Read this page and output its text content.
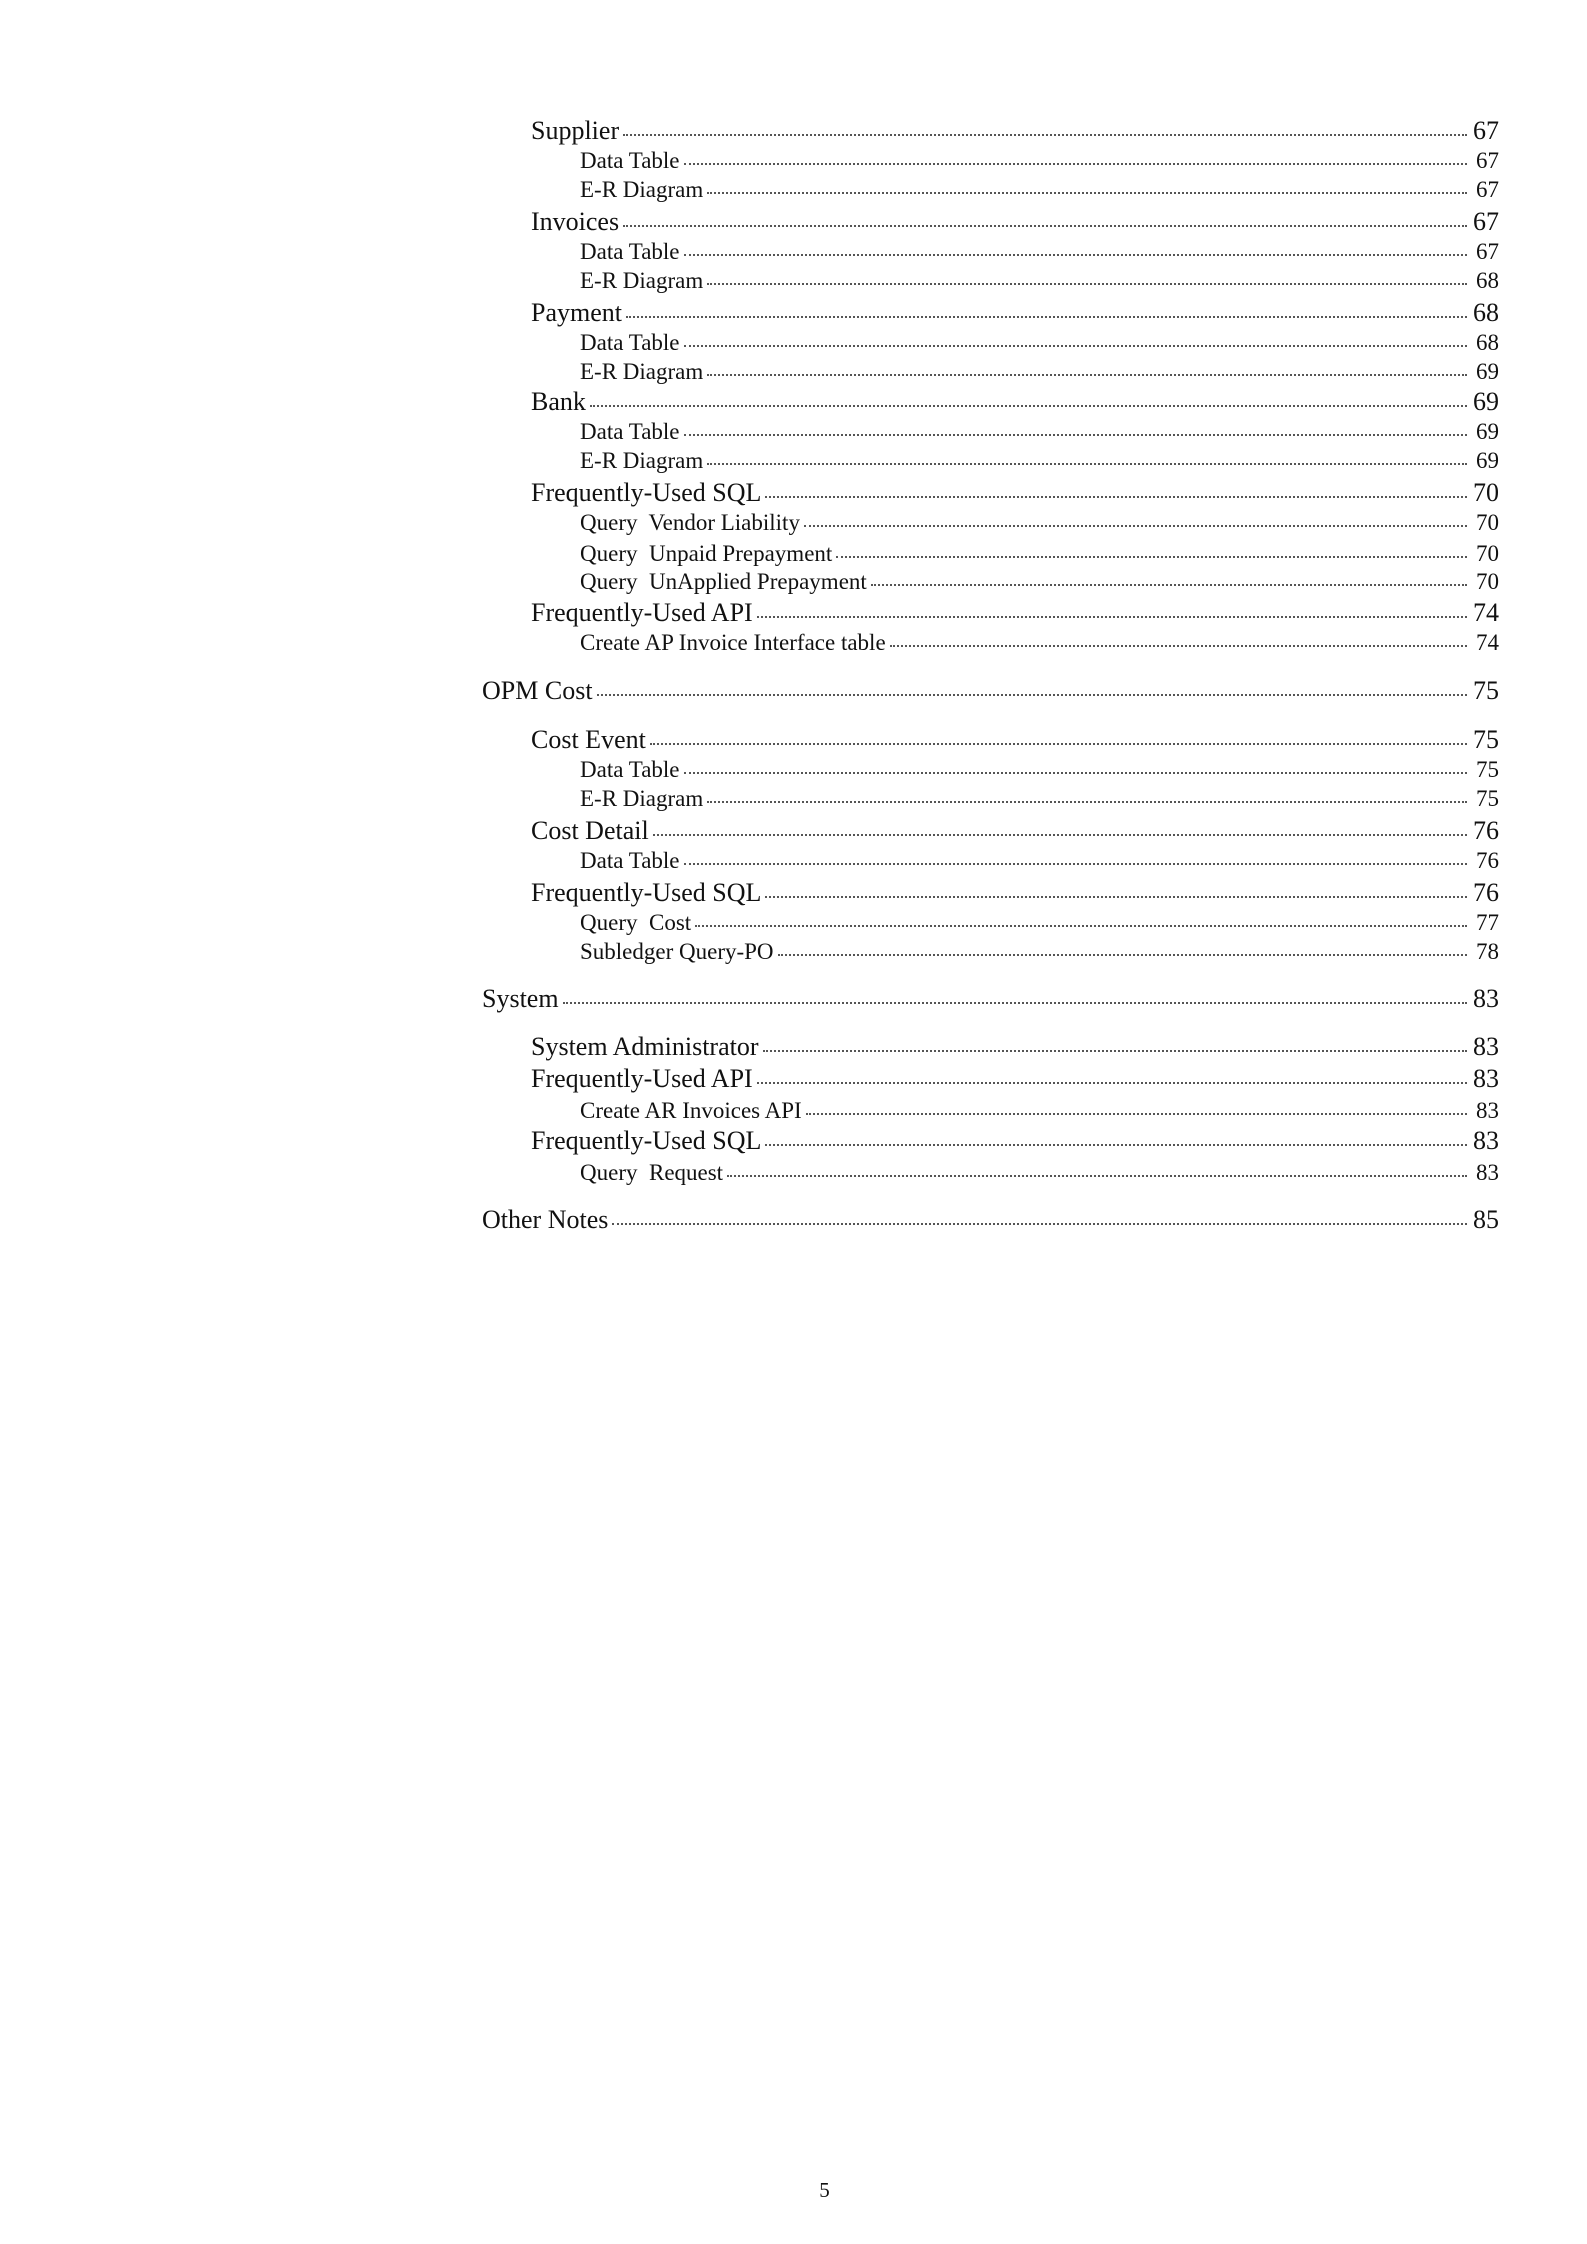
Supplier	67
Data Table	67
E-R Diagram	67
Invoices	67
Data Table	67
E-R Diagram	68
Payment	68
Data Table	68
E-R Diagram	69
Bank	69
Data Table	69
E-R Diagram	69
Frequently-Used SQL	70
Query  Vendor Liability	70
Query  Unpaid Prepayment	70
Query  UnApplied Prepayment	70
Frequently-Used API	74
Create AP Invoice Interface table	74
OPM Cost	75
Cost Event	75
Data Table	75
E-R Diagram	75
Cost Detail	76
Data Table	76
Frequently-Used SQL	76
Query  Cost	77
Subledger Query-PO	78
System	83
System Administrator	83
Frequently-Used API	83
Create AR Invoices API	83
Frequently-Used SQL	83
Query  Request	83
Other Notes	85
5
